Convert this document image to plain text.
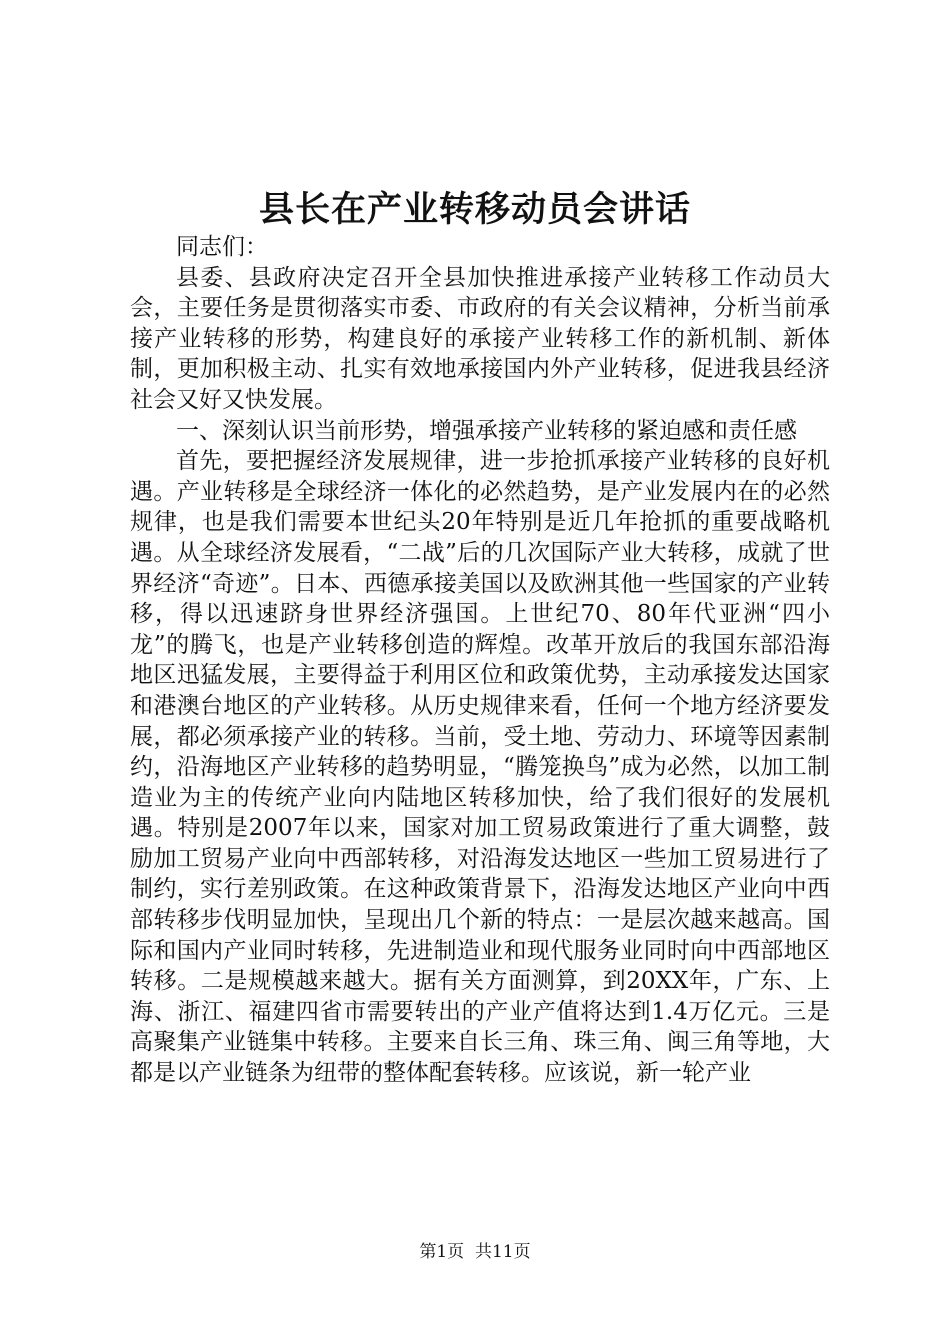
县长在产业转移动员会讲话

同志们：

县委、县政府决定召开全县加快推进承接产业转移工作动员大会，主要任务是贯彻落实市委、市政府的有关会议精神，分析当前承接产业转移的形势，构建良好的承接产业转移工作的新机制、新体制，更加积极主动、扎实有效地承接国内外产业转移，促进我县经济社会又好又快发展。

一、深刻认识当前形势，增强承接产业转移的紧迫感和责任感

首先，要把握经济发展规律，进一步抢抓承接产业转移的良好机遇。产业转移是全球经济一体化的必然趋势，是产业发展内在的必然规律，也是我们需要本世纪头20年特别是近几年抢抓的重要战略机遇。从全球经济发展看，“二战”后的几次国际产业大转移，成就了世界经济“奇迹”。日本、西德承接美国以及欧洲其他一些国家的产业转移，得以迅速跻身世界经济强国。上世纪70、80年代亚洲“四小龙”的腾飞，也是产业转移创造的辉煌。改革开放后的我国东部沿海地区迅猛发展，主要得益于利用区位和政策优势，主动承接发达国家和港澳台地区的产业转移。从历史规律来看，任何一个地方经济要发展，都必须承接产业的转移。当前，受土地、劳动力、环境等因素制约，沿海地区产业转移的趋势明显，“腾笼换鸟”成为必然，以加工制造业为主的传统产业向内陆地区转移加快，给了我们很好的发展机遇。特别是2007年以来，国家对加工贸易政策进行了重大调整，鼓励加工贸易产业向中西部转移，对沿海发达地区一些加工贸易进行了制约，实行差别政策。在这种政策背景下，沿海发达地区产业向中西部转移步伐明显加快，呈现出几个新的特点：一是层次越来越高。国际和国内产业同时转移，先进制造业和现代服务业同时向中西部地区转移。二是规模越来越大。据有关方面测算，到20XX年，广东、上海、浙江、福建四省市需要转出的产业产值将达到1.4万亿元。三是高聚集产业链集中转移。主要来自长三角、珠三角、闽三角等地，大都是以产业链条为纽带的整体配套转移。应该说，新一轮产业

第1页  共11页
